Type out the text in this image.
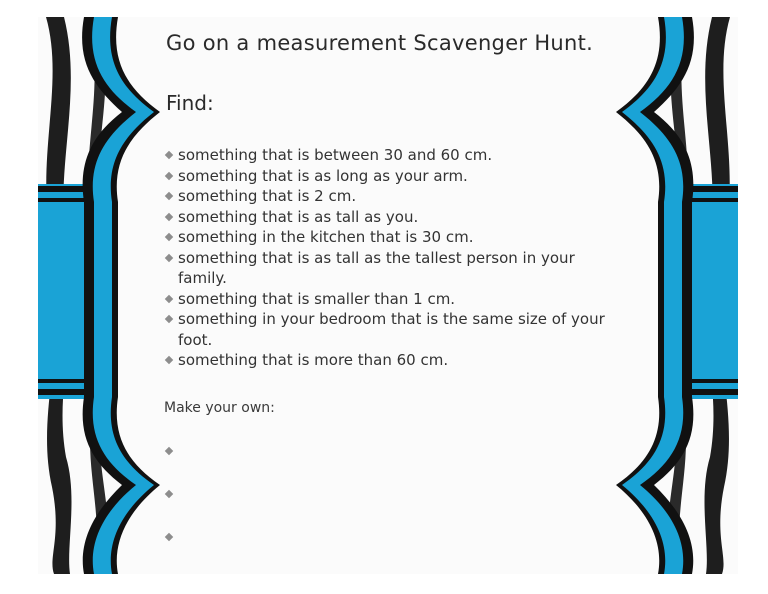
Go on a measurement Scavenger Hunt.
Find:
something that is between 30 and 60 cm.
something that is as long as your arm.
something that is 2 cm.
something that is as tall as you.
something in the kitchen that is 30 cm.
something that is as tall as the tallest person in your family.
something that is smaller than 1 cm.
something in your bedroom that is the same size of your foot.
something that is more than 60 cm.

Make your own:
